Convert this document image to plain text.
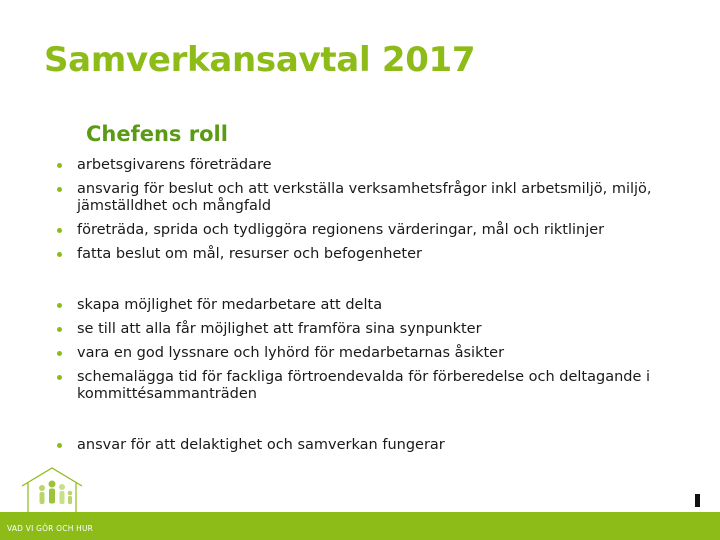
Samverkansavtal 2017
Chefens roll
arbetsgivarens företrädare
ansvarig för beslut och att verkställa verksamhetsfrågor inkl arbetsmiljö, miljö, jämställdhet och mångfald
företräda, sprida och tydliggöra regionens värderingar, mål och riktlinjer
fatta beslut om mål, resurser och befogenheter
skapa möjlighet för medarbetare att delta
se till att alla får möjlighet att framföra sina synpunkter
vara en god lyssnare och lyhörd för medarbetarnas åsikter
schemalägga tid för fackliga förtroendevalda för förberedelse och deltagande i kommittésammanträden
ansvar för att delaktighet och samverkan fungerar
VAD VI GÖR OCH HUR
